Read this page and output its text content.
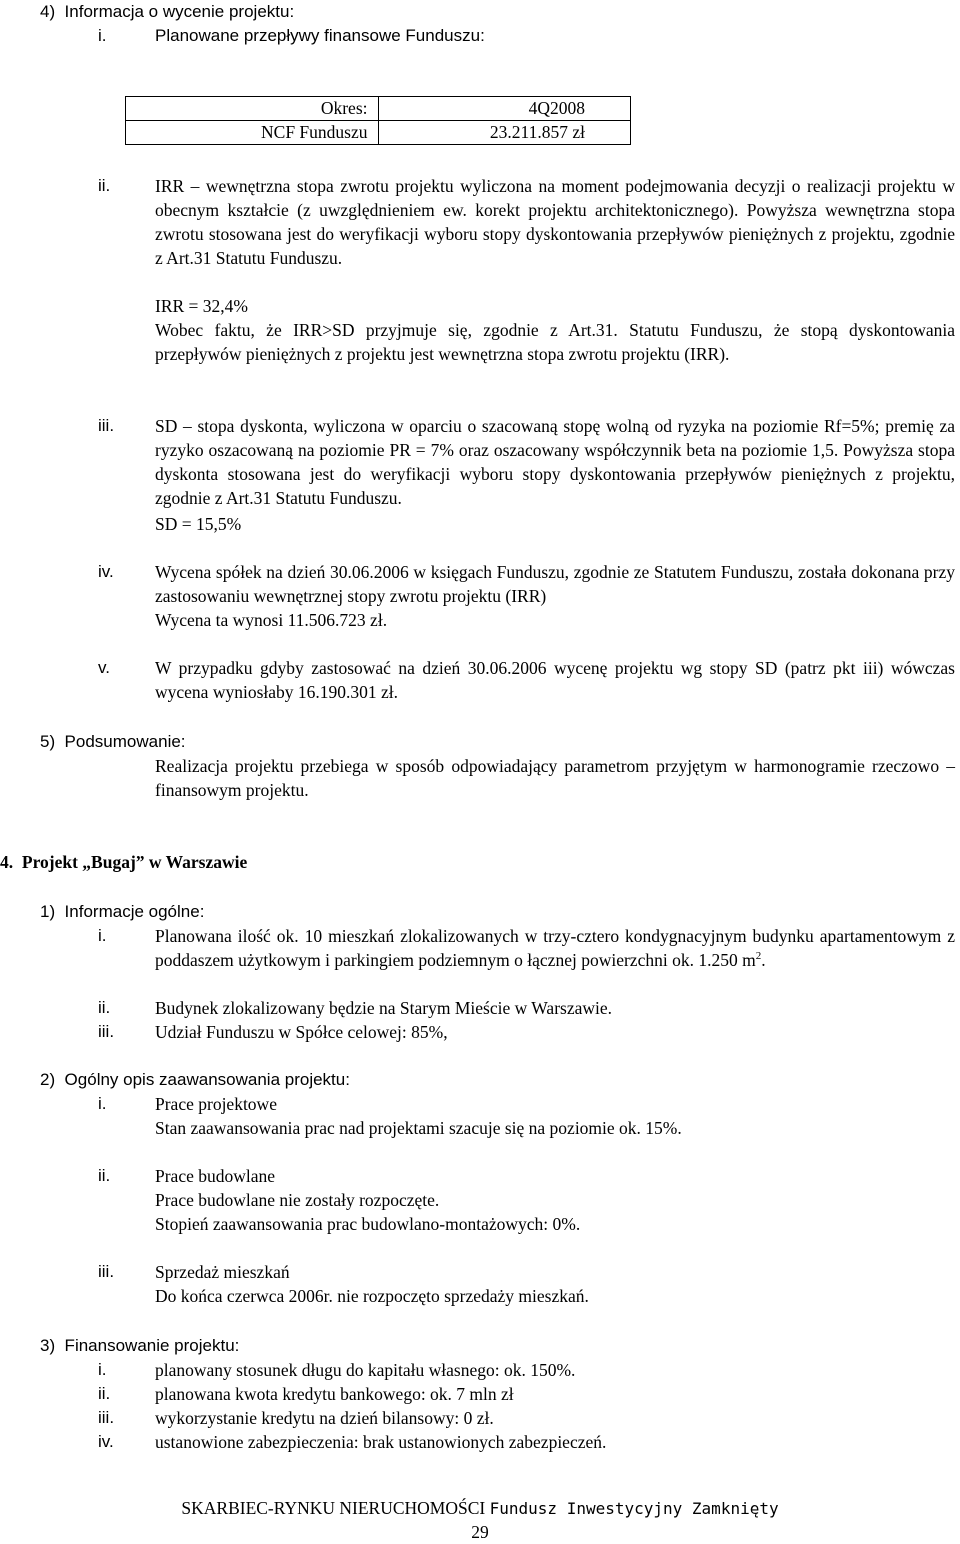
4)  Informacja o wycenie projektu:
i.	Planowane przepływy finansowe Funduszu:
Okres:	4Q2008
NCF Funduszu	23.211.857 zł
ii.	IRR – wewnętrzna stopa zwrotu projektu wyliczona na moment podejmowania decyzji o realizacji projektu w obecnym kształcie (z uwzględnieniem ew. korekt projektu architektonicznego). Powyższa wewnętrzna stopa zwrotu stosowana jest do weryfikacji wyboru stopy dyskontowania przepływów pieniężnych z projektu, zgodnie z Art.31 Statutu Funduszu.
IRR = 32,4%
Wobec faktu, że IRR>SD przyjmuje się, zgodnie z Art.31. Statutu Funduszu, że stopą dyskontowania przepływów pieniężnych z projektu jest wewnętrzna stopa zwrotu projektu (IRR).
iii. SD – stopa dyskonta, wyliczona w oparciu o szacowaną stopę wolną od ryzyka na poziomie Rf=5%; premię za ryzyko oszacowaną na poziomie PR = 7% oraz oszacowany współczynnik beta na poziomie 1,5. Powyższa stopa dyskonta stosowana jest do weryfikacji wyboru stopy dyskontowania przepływów pieniężnych z projektu, zgodnie z Art.31 Statutu Funduszu.
SD = 15,5%
iv. Wycena spółek na dzień 30.06.2006 w księgach Funduszu, zgodnie ze Statutem Funduszu, została dokonana przy zastosowaniu wewnętrznej stopy zwrotu projektu (IRR)
Wycena ta wynosi 11.506.723 zł.
v.	W przypadku gdyby zastosować na dzień 30.06.2006 wycenę projektu wg stopy SD (patrz pkt iii) wówczas wycena wyniosłaby 16.190.301 zł.
5)  Podsumowanie:
Realizacja projektu przebiega w sposób odpowiadający parametrom przyjętym w harmonogramie rzeczowo – finansowym projektu.
4.  Projekt „Bugaj” w Warszawie
1)  Informacje ogólne:
i.	Planowana ilość ok. 10 mieszkań zlokalizowanych w trzy-cztero kondygnacyjnym budynku apartamentowym z poddaszem użytkowym i parkingiem podziemnym o łącznej powierzchni ok. 1.250 $m^2$.
ii.	Budynek zlokalizowany będzie na Starym Mieście w Warszawie.
iii. Udział Funduszu w Spółce celowej: 85%,
2)  Ogólny opis zaawansowania projektu:
i.	Prace projektowe
Stan zaawansowania prac nad projektami szacuje się na poziomie ok. 15%.
ii.	Prace budowlane
Prace budowlane nie zostały rozpoczęte.
Stopień zaawansowania prac budowlano-montażowych: 0%.
iii. Sprzedaż mieszkań
Do końca czerwca 2006r. nie rozpoczęto sprzedaży mieszkań.
3)  Finansowanie projektu:
i.	planowany stosunek długu do kapitału własnego: ok. 150%.
ii.	planowana kwota kredytu bankowego: ok. 7 mln zł
iii. wykorzystanie kredytu na dzień bilansowy: 0 zł.
iv. ustanowione zabezpieczenia: brak ustanowionych zabezpieczeń.
SKARBIEC-RYNKU NIERUCHOMOŚCI Fundusz Inwestycyjny Zamknięty
29
